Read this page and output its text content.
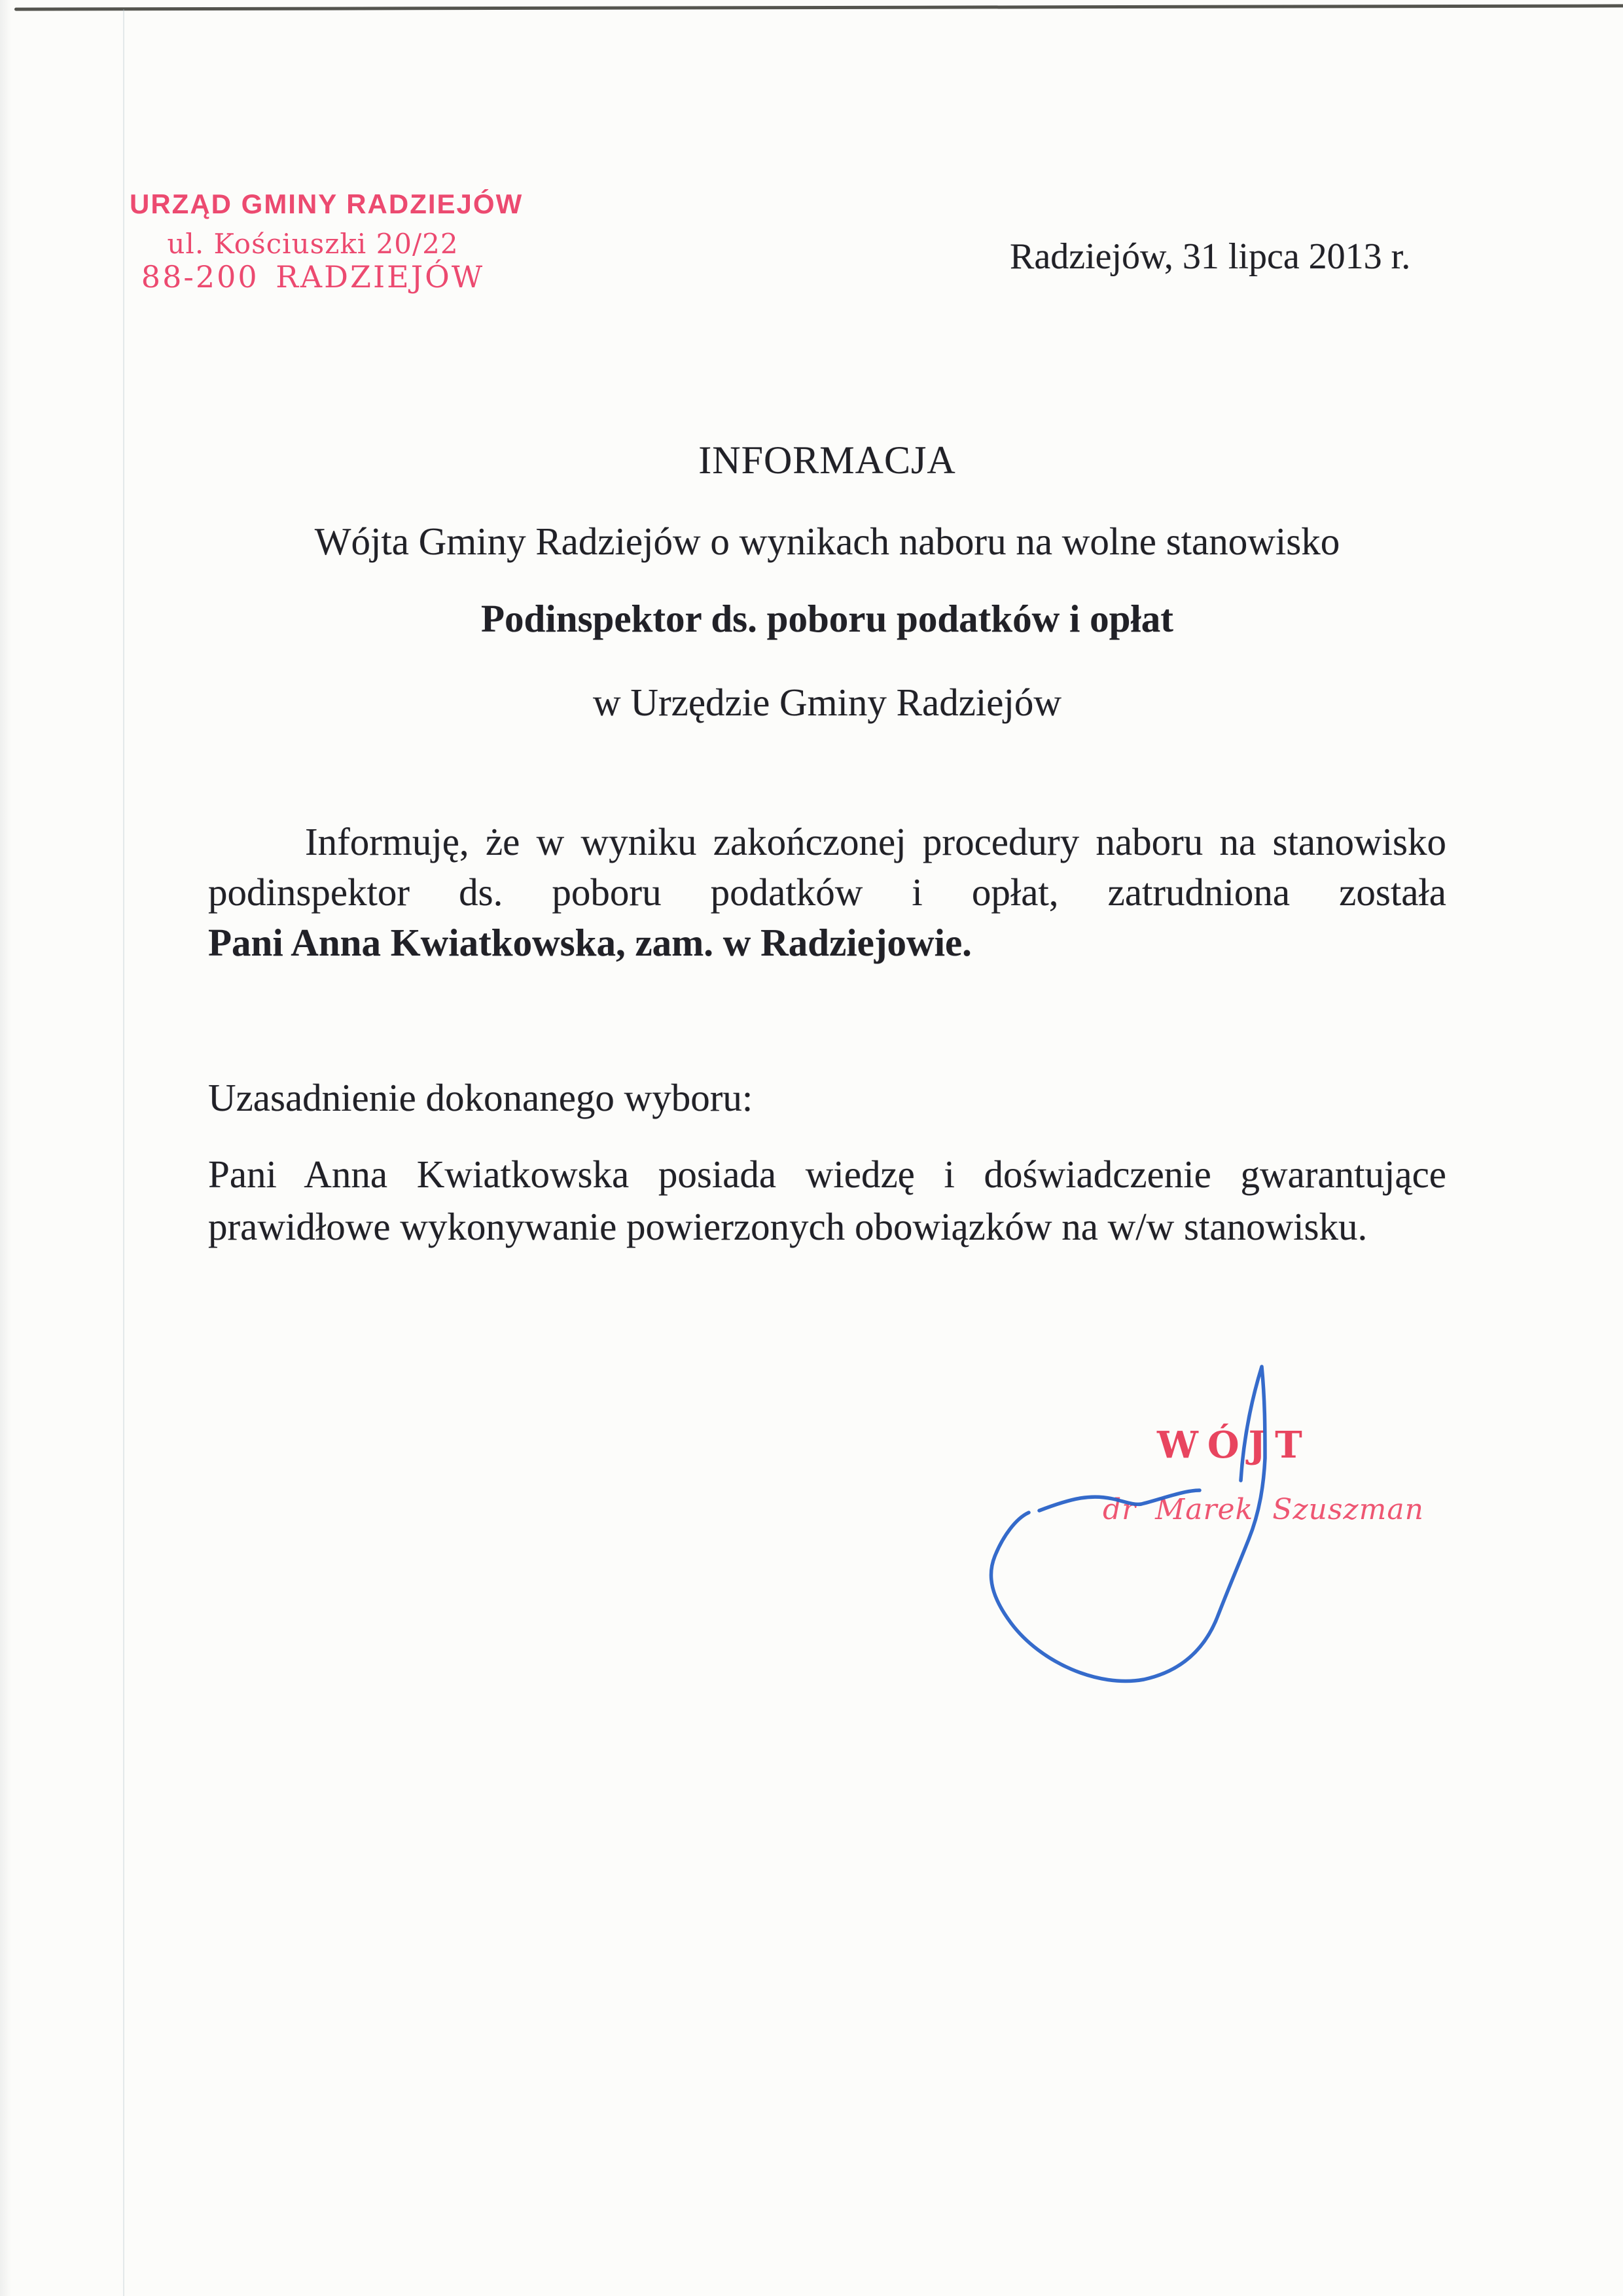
URZĄD GMINY RADZIEJÓW
ul. Kościuszki 20/22
88-200 RADZIEJÓW	Radziejów, 31 lipca 2013 r.
INFORMACJA
Wójta Gminy Radziejów o wynikach naboru na wolne stanowisko
Podinspektor ds. poboru podatków i opłat
w Urzędzie Gminy Radziejów
Informuję, że w wyniku zakończonej procedury naboru na stanowisko
podinspektor ds. poboru podatków i opłat, zatrudniona została
Pani Anna Kwiatkowska, zam. w Radziejowie.
Uzasadnienie dokonanego wyboru:
Pani Anna Kwiatkowska posiada wiedzę i doświadczenie gwarantujące
prawidłowe wykonywanie powierzonych obowiązków na w/w stanowisku.
WÓJT
dr Marek Szuszman
